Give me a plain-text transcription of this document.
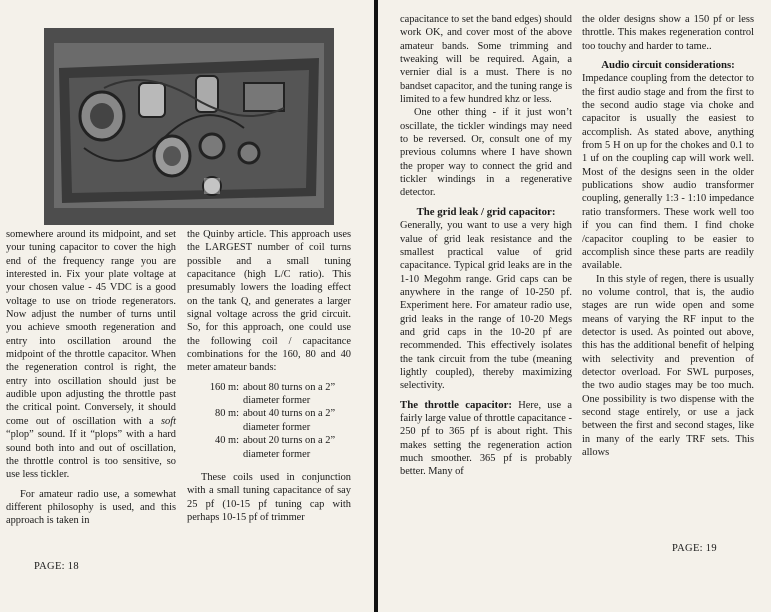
somewhere around its midpoint, and set your tuning capacitor to cover the high end of the frequency range you are interested in. Fix your plate voltage at your chosen value - 45 VDC is a good voltage to use on triode regenerators. Now adjust the number of turns until you achieve smooth regeneration and entry into oscillation around the midpoint of the throttle capacitor. When the regeneration control is right, the entry into oscillation should just be audible upon adjusting the throttle past the critical point. Conversely, it should come out of oscillation with a soft “plop” sound. If it “plops” with a hard sound both into and out of oscillation, the throttle control is too sensitive, so use less tickler.

For amateur radio use, a somewhat different philosophy is used, and this approach is taken in

the Quinby article. This approach uses the LARGEST number of coil turns possible and a small tuning capacitance (high L/C ratio). This presumably lowers the loading effect on the tank Q, and generates a larger signal voltage across the grid circuit. So, for this approach, one could use the following coil / capacitance combinations for the 160, 80 and 40 meter amateur bands:

160 m: about 80 turns on a 2”
diameter former
80 m: about 40 turns on a 2”
diameter former
40 m: about 20 turns on a 2”
diameter former

These coils used in conjunction with a small tuning capacitance of say 25 pf (10-15 pf tuning cap with perhaps 10-15 pf of trimmer

PAGE: 18

capacitance to set the band edges) should work OK, and cover most of the above amateur bands. Some trimming and tweaking will be required. Again, a vernier dial is a must. There is no bandset capacitor, and the tuning range is limited to a few hundred khz or less.

One other thing - if it just won’t oscillate, the tickler windings may need to be reversed. Or, consult one of my previous columns where I have shown the proper way to connect the grid and tickler windings in a regenerative detector.

The grid leak / grid capacitor:

Generally, you want to use a very high value of grid leak resistance and the smallest practical value of grid capacitance. Typical grid leaks are in the 1-10 Megohm range. Grid caps can be anywhere in the range of 10-250 pf. Experiment here. For amateur radio use, grid leaks in the range of 10-20 Megs and grid caps in the 10-20 pf are recommended. This effectively isolates the tank circuit from the tube (meaning lightly coupled), thereby maximizing selectivity.

The throttle capacitor: Here, use a fairly large value of throttle capacitance - 250 pf to 365 pf is about right. This makes setting the regeneration action much smoother. 365 pf is probably better. Many of

the older designs show a 150 pf or less throttle. This makes regeneration control too touchy and harder to tame..

Audio circuit considerations:

Impedance coupling from the detector to the first audio stage and from the first to the second audio stage via choke and capacitor is usually the easiest to accomplish. As stated above, anything from 5 H on up for the chokes and 0.1 to 1 uf on the coupling cap will work well. Most of the designs seen in the older publications show audio transformer coupling, generally 1:3 - 1:10 impedance ratio transformers. These work well too if you can find them. I find choke /capacitor coupling to be easier to accomplish since these parts are readily available.

In this style of regen, there is usually no volume control, that is, the audio stages are run wide open and some means of varying the RF input to the detector is used. As pointed out above, this has the additional benefit of helping with selectivity and prevention of detector overload. For SWL purposes, the two audio stages may be too much. One possibility is two dispense with the second stage entirely, or use a jack between the first and second stages, like in many of the early TRF sets. This allows

PAGE: 19
